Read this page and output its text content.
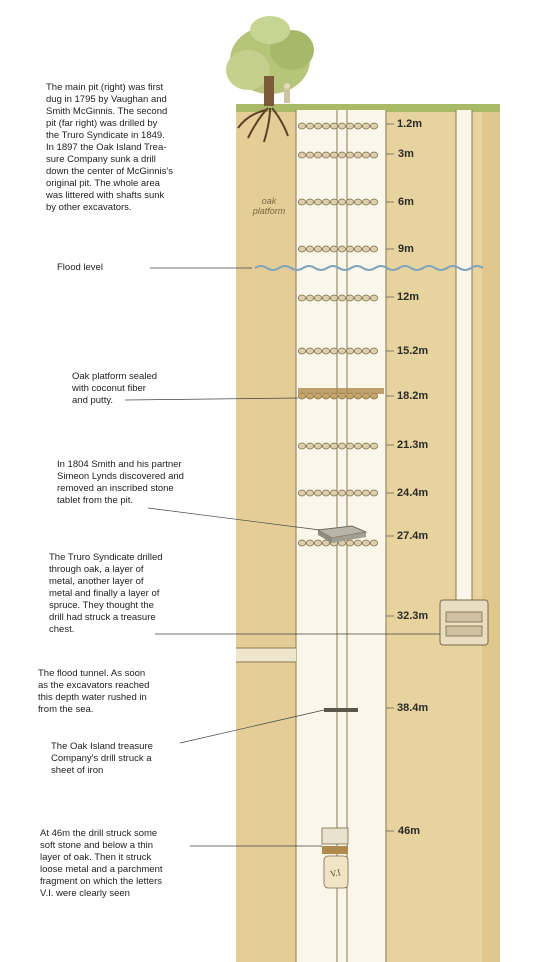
V.I
1.2m
3m
6m
9m
12m
15.2m
18.2m
21.3m
24.4m
27.4m
32.3m
38.4m
46m
oak
platform
The main pit (right) was first
dug in 1795 by Vaughan and
Smith McGinnis. The second
pit (far right) was drilled by
the Truro Syndicate in 1849.
In 1897 the Oak Island Trea-
sure Company sunk a drill
down the center of McGinnis's
original pit. The whole area
was littered with shafts sunk
by other excavators.
Flood level
Oak platform sealed
with coconut fiber
and putty.
In 1804 Smith and his partner
Simeon Lynds discovered and
removed an inscribed stone
tablet from the pit.
The Truro Syndicate drilled
through oak, a layer of
metal, another layer of
metal and finally a layer of
spruce. They thought the
drill had struck a treasure
chest.
The flood tunnel. As soon
as the excavators reached
this depth water rushed in
from the sea.
The Oak Island treasure
Company's drill struck a
sheet of iron
At 46m the drill struck some
soft stone and below a thin
layer of oak. Then it struck
loose metal and a parchment
fragment on which the letters
V.I. were clearly seen
